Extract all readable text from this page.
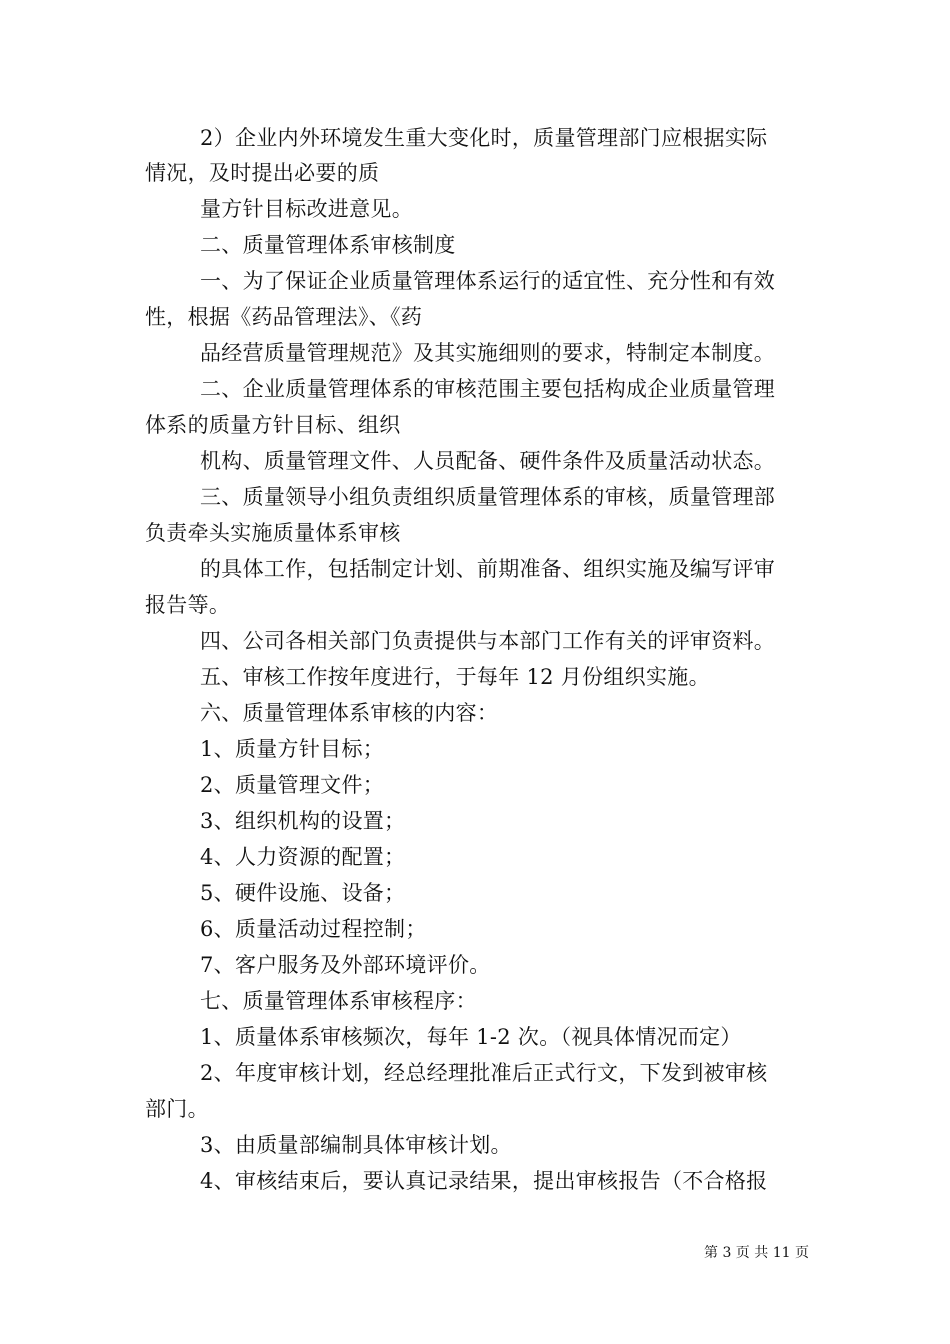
2）企业内外环境发生重大变化时，质量管理部门应根据实际
情况，及时提出必要的质
量方针目标改进意见。
二、质量管理体系审核制度
一、为了保证企业质量管理体系运行的适宜性、充分性和有效
性，根据《药品管理法》、《药
品经营质量管理规范》及其实施细则的要求，特制定本制度。
二、企业质量管理体系的审核范围主要包括构成企业质量管理
体系的质量方针目标、组织
机构、质量管理文件、人员配备、硬件条件及质量活动状态。
三、质量领导小组负责组织质量管理体系的审核，质量管理部
负责牵头实施质量体系审核
的具体工作，包括制定计划、前期准备、组织实施及编写评审
报告等。
四、公司各相关部门负责提供与本部门工作有关的评审资料。
五、审核工作按年度进行，于每年 12 月份组织实施。
六、质量管理体系审核的内容：
1、质量方针目标；
2、质量管理文件；
3、组织机构的设置；
4、人力资源的配置；
5、硬件设施、设备；
6、质量活动过程控制；
7、客户服务及外部环境评价。
七、质量管理体系审核程序：
1、质量体系审核频次，每年 1-2 次。（视具体情况而定）
2、年度审核计划，经总经理批准后正式行文，下发到被审核
部门。
3、由质量部编制具体审核计划。
4、审核结束后，要认真记录结果，提出审核报告（不合格报
第 3 页 共 11 页
